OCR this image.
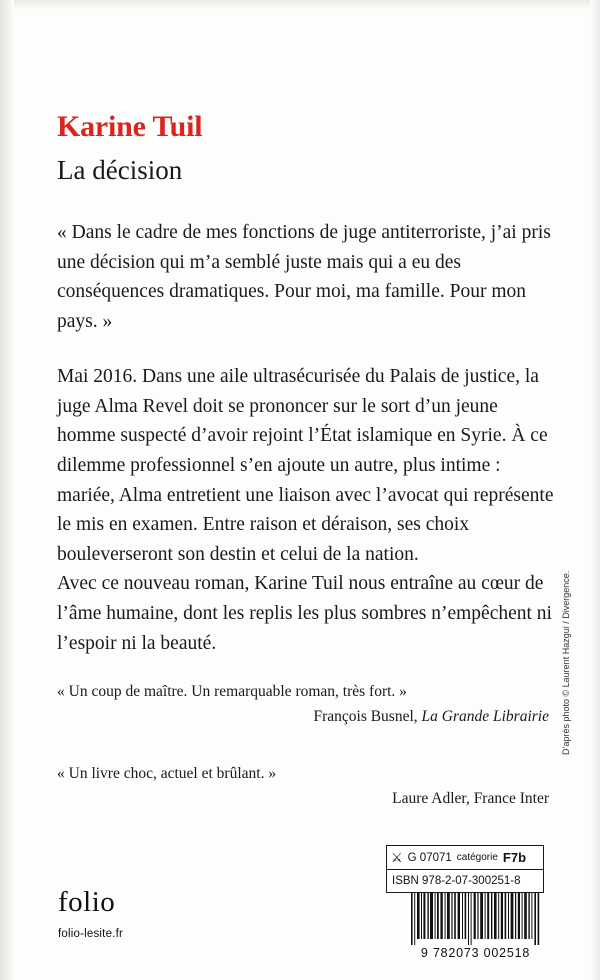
Karine Tuil
La décision
« Dans le cadre de mes fonctions de juge antiterroriste, j’ai pris une décision qui m’a semblé juste mais qui a eu des conséquences dramatiques. Pour moi, ma famille. Pour mon pays. »

Mai 2016. Dans une aile ultrasécurisée du Palais de justice, la juge Alma Revel doit se prononcer sur le sort d’un jeune homme suspecté d’avoir rejoint l’État islamique en Syrie. À ce dilemme professionnel s’en ajoute un autre, plus intime : mariée, Alma entretient une liaison avec l’avocat qui représente le mis en examen. Entre raison et déraison, ses choix bouleverseront son destin et celui de la nation.

Avec ce nouveau roman, Karine Tuil nous entraîne au cœur de l’âme humaine, dont les replis les plus sombres n’empêchent ni l’espoir ni la beauté.

« Un coup de maître. Un remarquable roman, très fort. »
François Busnel, La Grande Librairie
« Un livre choc, actuel et brûlant. »
Laure Adler, France Inter
folio
folio-lesite.fr
⚔ G 07071 catégorie F7b
ISBN 978-2-07-300251-8
9 782073 002518
D’après photo © Laurent Hazgui / Divergence.
